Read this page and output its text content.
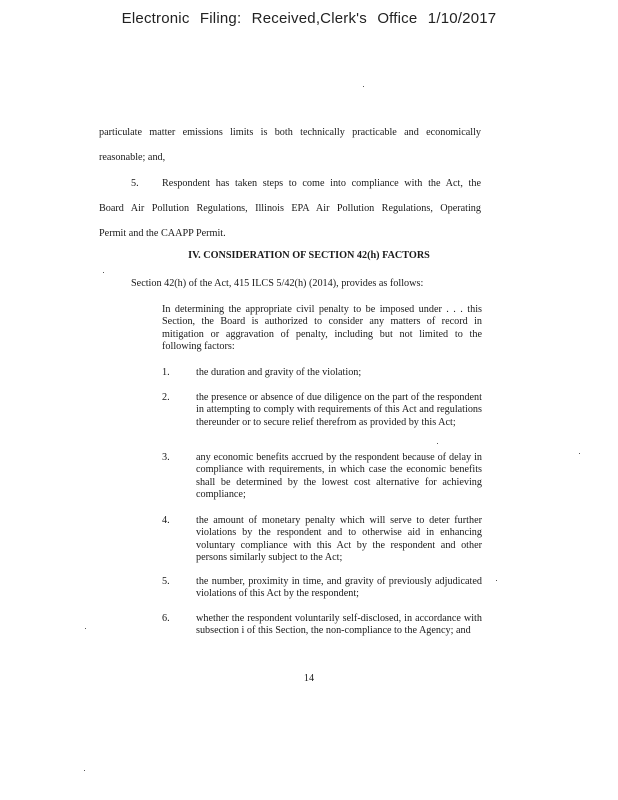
Electronic Filing: Received,Clerk's Office 1/10/2017
particulate matter emissions limits is both technically practicable and economically
reasonable; and,
5. Respondent has taken steps to come into compliance with the Act, the
Board Air Pollution Regulations, Illinois EPA Air Pollution Regulations, Operating
Permit and the CAAPP Permit.
IV. CONSIDERATION OF SECTION 42(h) FACTORS
Section 42(h) of the Act, 415 ILCS 5/42(h) (2014), provides as follows:
In determining the appropriate civil penalty to be imposed under . . . this Section, the Board is authorized to consider any matters of record in mitigation or aggravation of penalty, including but not limited to the following factors:
1.	the duration and gravity of the violation;
2.	the presence or absence of due diligence on the part of the respondent in attempting to comply with requirements of this Act and regulations thereunder or to secure relief therefrom as provided by this Act;
3.	any economic benefits accrued by the respondent because of delay in compliance with requirements, in which case the economic benefits shall be determined by the lowest cost alternative for achieving compliance;
4.	the amount of monetary penalty which will serve to deter further violations by the respondent and to otherwise aid in enhancing voluntary compliance with this Act by the respondent and other persons similarly subject to the Act;
5.	the number, proximity in time, and gravity of previously adjudicated violations of this Act by the respondent;
6.	whether the respondent voluntarily self-disclosed, in accordance with subsection i of this Section, the non-compliance to the Agency; and
14
